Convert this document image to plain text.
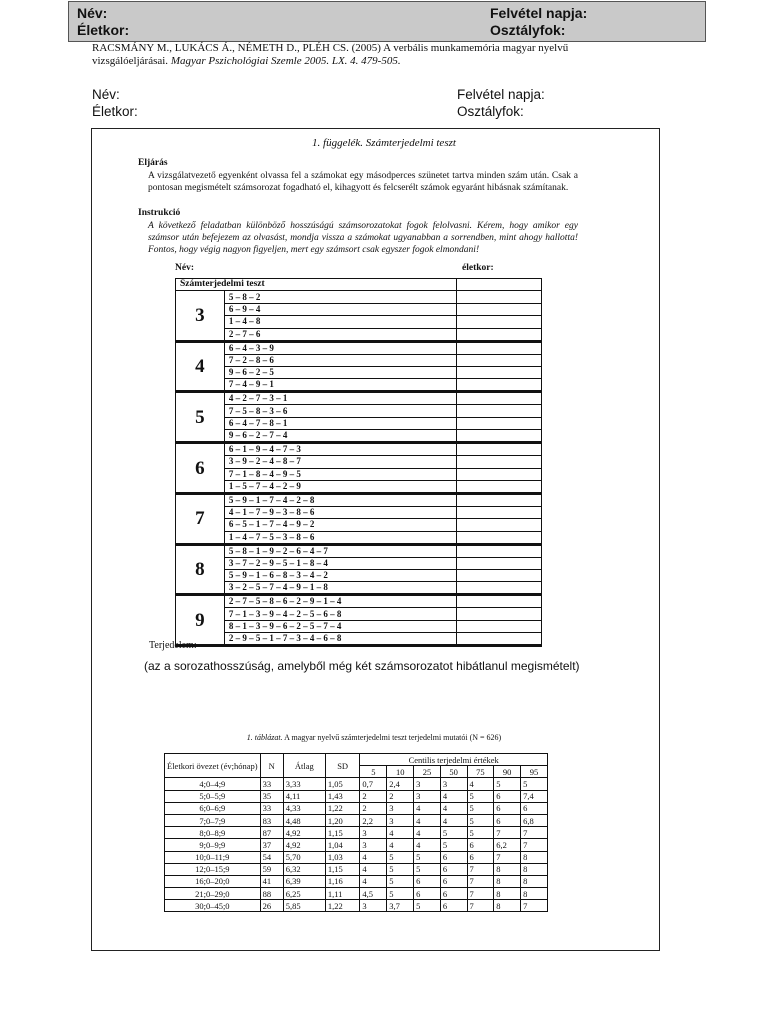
Név:
Életkor:
Felvétel napja:
Osztályfok:
RACSMÁNY M., LUKÁCS Á., NÉMETH D., PLÉH CS. (2005) A verbális munkamemória magyar nyelvű vizsgálóeljárásai. Magyar Pszichológiai Szemle 2005. LX. 4. 479-505.
Név:
Életkor:
Felvétel napja:
Osztályfok:
1. függelék. Számterjedelmi teszt
Eljárás
A vizsgálatvezető egyenként olvassa fel a számokat egy másodperces szünetet tartva minden szám után. Csak a pontosan megismételt számsorozat fogadható el, kihagyott és felcserélt számok egyaránt hibásnak számítanak.
Instrukció
A következő feladatban különböző hosszúságú számsorozatokat fogok felolvasni. Kérem, hogy amikor egy számsor után befejezem az olvasást, mondja vissza a számokat ugyanabban a sorrendben, mint ahogy hallotta! Fontos, hogy végig nagyon figyeljen, mert egy számsort csak egyszer fogok elmondani!
Név:	életkor:
Számterjedelmi teszt		
3	5 – 8 – 2	
	6 – 9 – 4	
	1 – 4 – 8	
	2 – 7 – 6	
4	6 – 4 – 3 – 9	
	7 – 2 – 8 – 6	
	9 – 6 – 2 – 5	
	7 – 4 – 9 – 1	
5	4 – 2 – 7 – 3 – 1	
	7 – 5 – 8 – 3 – 6	
	6 – 4 – 7 – 8 – 1	
	9 – 6 – 2 – 7 – 4	
6	6 – 1 – 9 – 4 – 7 – 3	
	3 – 9 – 2 – 4 – 8 – 7	
	7 – 1 – 8 – 4 – 9 – 5	
	1 – 5 – 7 – 4 – 2 – 9	
7	5 – 9 – 1 – 7 – 4 – 2 – 8	
	4 – 1 – 7 – 9 – 3 – 8 – 6	
	6 – 5 – 1 – 7 – 4 – 9 – 2	
	1 – 4 – 7 – 5 – 3 – 8 – 6	
8	5 – 8 – 1 – 9 – 2 – 6 – 4 – 7	
	3 – 7 – 2 – 9 – 5 – 1 – 8 – 4	
	5 – 9 – 1 – 6 – 8 – 3 – 4 – 2	
	3 – 2 – 5 – 7 – 4 – 9 – 1 – 8	
9	2 – 7 – 5 – 8 – 6 – 2 – 9 – 1 – 4	
	7 – 1 – 3 – 9 – 4 – 2 – 5 – 6 – 8	
	8 – 1 – 3 – 9 – 6 – 2 – 5 – 7 – 4	
	2 – 9 – 5 – 1 – 7 – 3 – 4 – 6 – 8	
Terjedelem:
(az a sorozathosszúság, amelyből még két számsorozatot hibátlanul megismételt)
1. táblázat. A magyar nyelvű számterjedelmi teszt terjedelmi mutatói (N = 626)
Életkori övezet (év;hónap)	N	Átlag	SD	Centilis terjedelmi értékek						
				5	10	25	50	75	90	95
4;0–4;9	33	3,33	1,05	0,7	2,4	3	3	4	5	5
5;0–5;9	35	4,11	1,43	2	2	3	4	5	6	7,4
6;0–6;9	33	4,33	1,22	2	3	4	4	5	6	6
7;0–7;9	83	4,48	1,20	2,2	3	4	4	5	6	6,8
8;0–8;9	87	4,92	1,15	3	4	4	5	5	7	7
9;0–9;9	37	4,92	1,04	3	4	4	5	6	6,2	7
10;0–11;9	54	5,70	1,03	4	5	5	6	6	7	8
12;0–15;9	59	6,32	1,15	4	5	5	6	7	8	8
16;0–20;0	41	6,39	1,16	4	5	6	6	7	8	8
21;0–29;0	88	6,25	1,11	4,5	5	6	6	7	8	8
30;0–45;0	26	5,85	1,22	3	3,7	5	6	7	8	7
